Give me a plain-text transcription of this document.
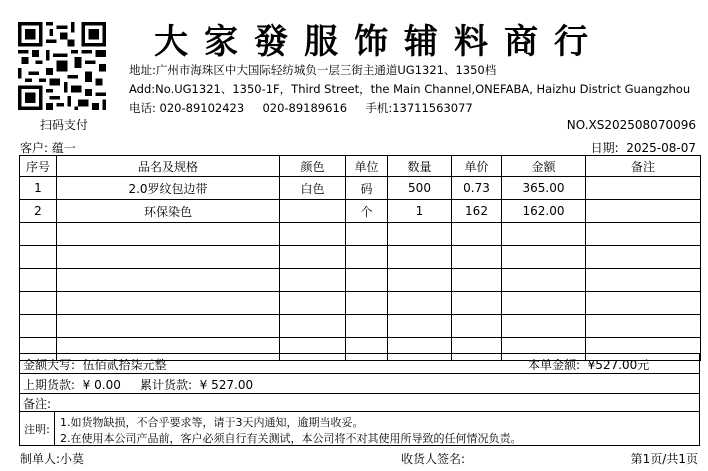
扫码支付
大家發服饰辅料商行
地址:广州市海珠区中大国际轻纺城负一层三街主通道UG1321、1350档
Add:No.UG1321、1350-1F，Third Street，the Main Channel,ONEFABA, Haizhu District Guangzhou
电话: 020-89102423     020-89189616     手机:13711563077
NO.XS202508070096
客户: 蕴一	日期:  2025-08-07
序号	品名及规格	颜色	单位	数量	单价	金额	备注
1	2.0罗纹包边带	白色	码	500	0.73	365.00	
2	环保染色		个	1	162	162.00	

金额大写:  伍佰贰拾柒元整	本单金额:  ¥527.00元
上期货款:  ¥ 0.00 累计货款:  ¥ 527.00
备注:
注明: 1.如货物缺损，不合乎要求等，请于3天内通知，逾期当收妥。
2.在使用本公司产品前，客户必须自行有关测试，本公司将不对其使用所导致的任何情况负责。
制单人:小莫	收货人签名:	第1页/共1页
